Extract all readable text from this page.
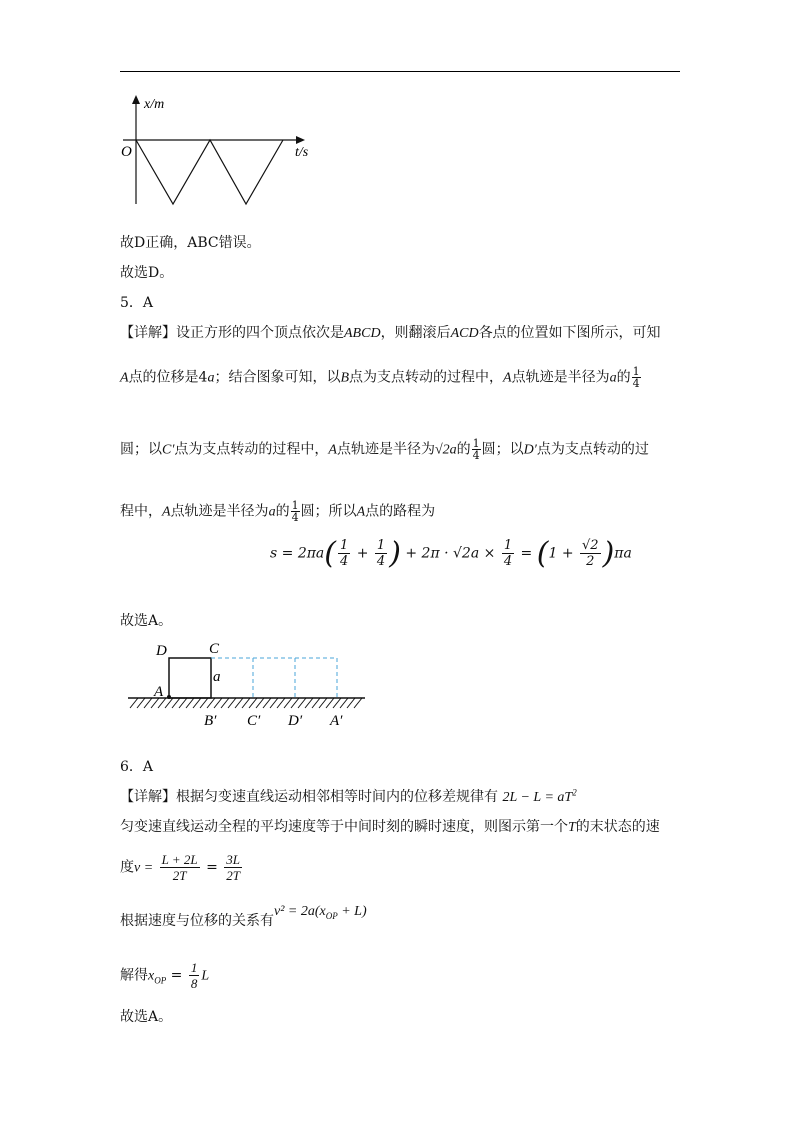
x/m
O	t/s
故D正确，ABC错误。
故选D。
5．A
【详解】设正方形的四个顶点依次是ABCD，则翻滚后ACD各点的位置如下图所示，可知
A点的位移是4a；结合图象可知，以B点为支点转动的过程中，A点轨迹是半径为a的 $\frac{1}{4}$
圆；以C′点为支点转动的过程中，A点轨迹是半径为√2a的 $\frac{1}{4}$ 圆；以D′点为支点转动的过
程中，A点轨迹是半径为a的 $\frac{1}{4}$ 圆；所以A点的路程为
$s = 2\pi a( \frac{1}{4} + \frac{1}{4}$ ) + $2\pi \cdot √2a \times \frac{1}{4} = (1 + \frac{√2}{2} )\pi a$
故选A。
D	C
A
a
B′ C′ D′ A′
6．A
【详解】根据匀变速直线运动相邻相等时间内的位移差规律有 $2L - L = aT^2$
匀变速直线运动全程的平均速度等于中间时刻的瞬时速度，则图示第一个T的末状态的速
度$v = \frac{L + 2L}{2T} = \frac{3L}{2T}$
根据速度与位移的关系有$v^2 = 2a(x_{OP} + L)$
解得$x_{OP} = \frac{1}{8}$ L
故选A。
